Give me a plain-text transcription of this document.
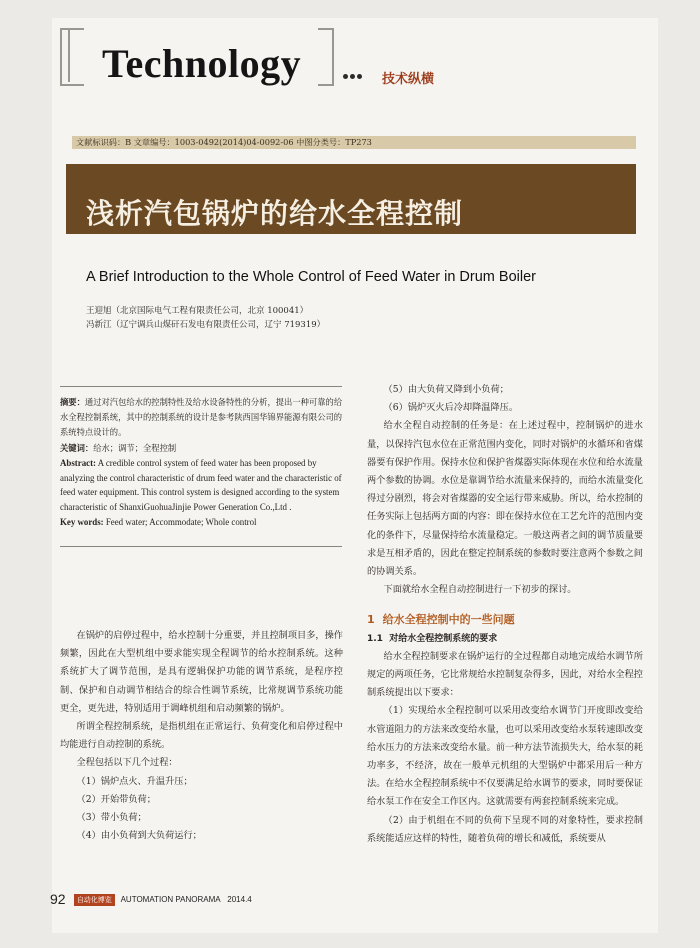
Technology	技术纵横
文献标识码：B 文章编号：1003-0492(2014)04-0092-06 中图分类号：TP273
浅析汽包锅炉的给水全程控制
A Brief Introduction to the Whole Control of Feed Water in Drum Boiler
王迎旭（北京国际电气工程有限责任公司，北京 100041）
冯新江（辽宁调兵山煤矸石发电有限责任公司，辽宁 719319）
摘要：通过对汽包给水的控制特性及给水设备特性的分析，提出一种可靠的给水全程控制系统，其中的控制系统的设计是参考陕西国华锦界能源有限公司的系统特点设计的。
关键词：给水；调节；全程控制
Abstract: A credible control system of feed water has been proposed by analyzing the control characteristic of drum feed water and the characteristic of feed water equipment. This control system is designed according to the system characteristic of ShanxiGuohuaJinjie Power Generation Co.,Ltd .
Key words: Feed water; Accommodate; Whole control
在锅炉的启停过程中，给水控制十分重要，并且控制项目多，操作频繁，因此在大型机组中要求能实现全程调节的给水控制系统。这种系统扩大了调节范围，是具有逻辑保护功能的调节系统，是程序控制、保护和自动调节相结合的综合性调节系统，比常规调节系统功能更全，更先进，特别适用于调峰机组和启动频繁的锅炉。
所谓全程控制系统，是指机组在正常运行、负荷变化和启停过程中均能进行自动控制的系统。
全程包括以下几个过程：
（1）锅炉点火、升温升压；
（2）开始带负荷；
（3）带小负荷；
（4）由小负荷到大负荷运行；
（5）由大负荷又降到小负荷；
（6）锅炉灭火后冷却降温降压。
给水全程自动控制的任务是：在上述过程中，控制锅炉的进水量，以保持汽包水位在正常范围内变化，同时对锅炉的水循环和省煤器要有保护作用。保持水位和保护省煤器实际体现在水位和给水流量两个参数的协调。水位是靠调节给水流量来保持的，而给水流量变化得过分剧烈，将会对省煤器的安全运行带来威胁。所以，给水控制的任务实际上包括两方面的内容：即在保持水位在工艺允许的范围内变化的条件下，尽量保持给水流量稳定。一般这两者之间的调节质量要求是互相矛盾的，因此在整定控制系统的参数时要注意两个参数之间的协调关系。
下面就给水全程自动控制进行一下初步的探讨。
1 给水全程控制中的一些问题
1.1 对给水全程控制系统的要求
给水全程控制要求在锅炉运行的全过程都自动地完成给水调节所规定的两项任务，它比常规给水控制复杂得多，因此，对给水全程控制系统提出以下要求：
（1）实现给水全程控制可以采用改变给水调节门开度即改变给水管道阻力的方法来改变给水量，也可以采用改变给水泵转速即改变给水压力的方法来改变给水量。前一种方法节流损失大，给水泵的耗功率多，不经济，故在一般单元机组的大型锅炉中都采用后一种方法。在给水全程控制系统中不仅要满足给水调节的要求，同时要保证给水泵工作在安全工作区内。这就需要有两套控制系统来完成。
（2）由于机组在不同的负荷下呈现不同的对象特性，要求控制系统能适应这样的特性，随着负荷的增长和减低，系统要从
92 自动化博览 AUTOMATION PANORAMA 2014.4
